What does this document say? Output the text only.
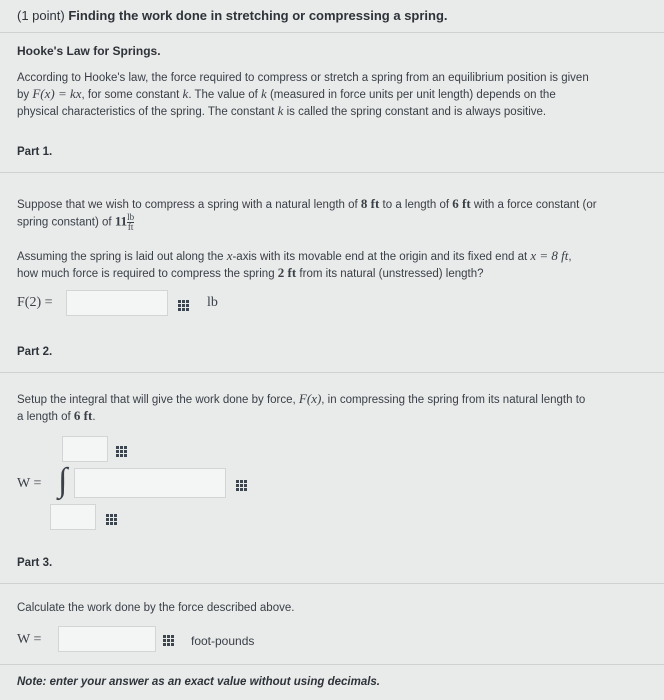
(1 point) Finding the work done in stretching or compressing a spring.
Hooke's Law for Springs.
According to Hooke's law, the force required to compress or stretch a spring from an equilibrium position is given
by F(x) = kx, for some constant k. The value of k (measured in force units per unit length) depends on the
physical characteristics of the spring. The constant k is called the spring constant and is always positive.
Part 1.
Suppose that we wish to compress a spring with a natural length of 8 ft to a length of 6 ft with a force constant (or
spring constant) of $11 \frac{lb}{ft}$
Assuming the spring is laid out along the x-axis with its movable end at the origin and its fixed end at x = 8 ft,
how much force is required to compress the spring 2 ft from its natural (unstressed) length?
F(2) =	lb
Part 2.
Setup the integral that will give the work done by force, F(x), in compressing the spring from its natural length to
a length of 6 ft.
W = ∫
Part 3.
Calculate the work done by the force described above.
W =	foot-pounds
Note: enter your answer as an exact value without using decimals.
